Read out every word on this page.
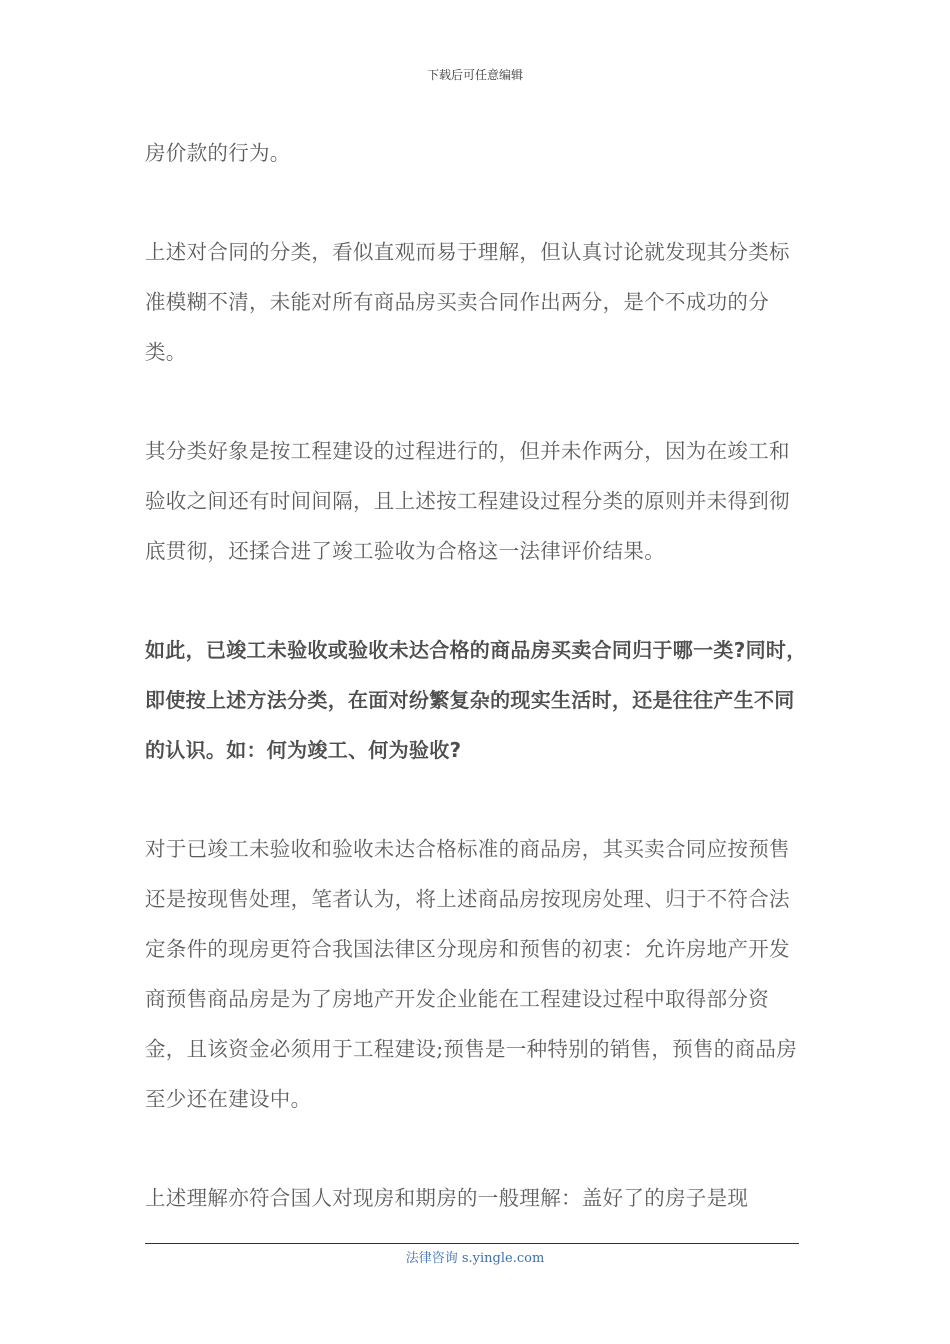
下载后可任意编辑

房价款的行为。

上述对合同的分类，看似直观而易于理解，但认真讨论就发现其分类标准模糊不清，未能对所有商品房买卖合同作出两分，是个不成功的分类。

其分类好象是按工程建设的过程进行的，但并未作两分，因为在竣工和验收之间还有时间间隔，且上述按工程建设过程分类的原则并未得到彻底贯彻，还揉合进了竣工验收为合格这一法律评价结果。

如此，已竣工未验收或验收未达合格的商品房买卖合同归于哪一类?同时，即使按上述方法分类，在面对纷繁复杂的现实生活时，还是往往产生不同的认识。如：何为竣工、何为验收?

对于已竣工未验收和验收未达合格标准的商品房，其买卖合同应按预售还是按现售处理，笔者认为，将上述商品房按现房处理、归于不符合法定条件的现房更符合我国法律区分现房和预售的初衷：允许房地产开发商预售商品房是为了房地产开发企业能在工程建设过程中取得部分资金，且该资金必须用于工程建设;预售是一种特别的销售，预售的商品房至少还在建设中。

上述理解亦符合国人对现房和期房的一般理解：盖好了的房子是现

法律咨询 s.yingle.com
